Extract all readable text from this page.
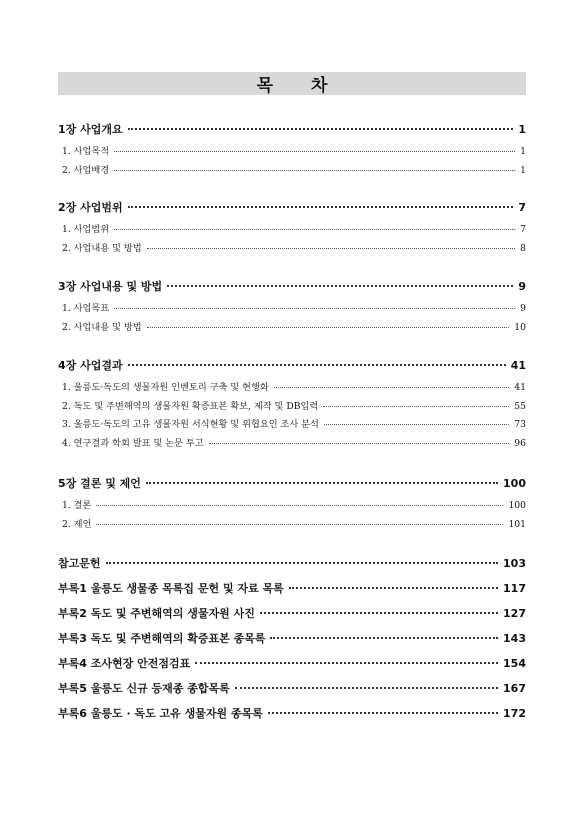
목 차
1장 사업개요	1
1. 사업목적	1
2. 사업배경	1
2장 사업범위	7
1. 사업범위	7
2. 사업내용 및 방법	8
3장 사업내용 및 방법	9
1. 사업목표	9
2. 사업내용 및 방법	10
4장 사업결과	41
1. 울릉도·독도의 생물자원 인벤토리 구축 및 현행화	41
2. 독도 및 주변해역의 생물자원 확증표본 확보, 제작 및 DB입력	55
3. 울릉도·독도의 고유 생물자원 서식현황 및 위협요인 조사 분석	73
4. 연구결과 학회 발표 및 논문 투고	96
5장 결론 및 제언	100
1. 결론	100
2. 제언	101
참고문헌	103
부록1 울릉도 생물종 목록집 문헌 및 자료 목록	117
부록2 독도 및 주변해역의 생물자원 사진	127
부록3 독도 및 주변해역의 확증표본 종목록	143
부록4 조사현장 안전점검표	154
부록5 울릉도 신규 등재종 종합목록	167
부록6 울릉도 · 독도 고유 생물자원 종목록	172
